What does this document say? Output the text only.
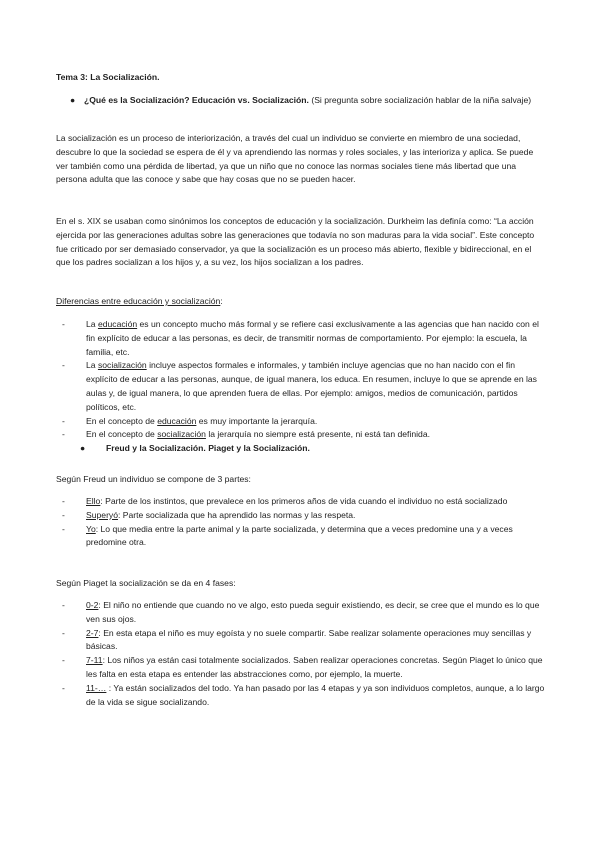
Tema 3: La Socialización.
●	¿Qué es la Socialización? Educación vs. Socialización. (Si pregunta sobre socialización hablar de la niña salvaje)

La socialización es un proceso de interiorización, a través del cual un individuo se convierte en miembro de una sociedad, descubre lo que la sociedad se espera de él y va aprendiendo las normas y roles sociales, y las interioriza y aplica. Se puede ver también como una pérdida de libertad, ya que un niño que no conoce las normas sociales tiene más libertad que una persona adulta que las conoce y sabe que hay cosas que no se pueden hacer.

En el s. XIX se usaban como sinónimos los conceptos de educación y la socialización. Durkheim las definía como: “La acción ejercida por las generaciones adultas sobre las generaciones que todavía no son maduras para la vida social”. Este concepto fue criticado por ser demasiado conservador, ya que la socialización es un proceso más abierto, flexible y bidireccional, en el que los padres socializan a los hijos y, a su vez, los hijos socializan a los padres.

Diferencias entre educación y socialización:
-	La educación es un concepto mucho más formal y se refiere casi exclusivamente a las agencias que han nacido con el fin explícito de educar a las personas, es decir, de transmitir normas de comportamiento. Por ejemplo: la escuela, la familia, etc.
-	La socialización incluye aspectos formales e informales, y también incluye agencias que no han nacido con el fin explícito de educar a las personas, aunque, de igual manera, los educa. En resumen, incluye lo que se aprende en las aulas y, de igual manera, lo que aprenden fuera de ellas. Por ejemplo: amigos, medios de comunicación, partidos políticos, etc.
-	En el concepto de educación es muy importante la jerarquía.
-	En el concepto de socialización la jerarquía no siempre está presente, ni está tan definida.
●	Freud y la Socialización. Piaget y la Socialización.
Según Freud un individuo se compone de 3 partes:
-	Ello: Parte de los instintos, que prevalece en los primeros años de vida cuando el individuo no está socializado
-	Superyó: Parte socializada que ha aprendido las normas y las respeta.
-	Yo: Lo que media entre la parte animal y la parte socializada, y determina que a veces predomine una y a veces predomine otra.
Según Piaget la socialización se da en 4 fases:
-	0-2: El niño no entiende que cuando no ve algo, esto pueda seguir existiendo, es decir, se cree que el mundo es lo que ven sus ojos.
-	2-7: En esta etapa el niño es muy egoísta y no suele compartir. Sabe realizar solamente operaciones muy sencillas y básicas.
-	7-11: Los niños ya están casi totalmente socializados. Saben realizar operaciones concretas. Según Piaget lo único que les falta en esta etapa es entender las abstracciones como, por ejemplo, la muerte.
-	11-… : Ya están socializados del todo. Ya han pasado por las 4 etapas y ya son individuos completos, aunque, a lo largo de la vida se sigue socializando.
